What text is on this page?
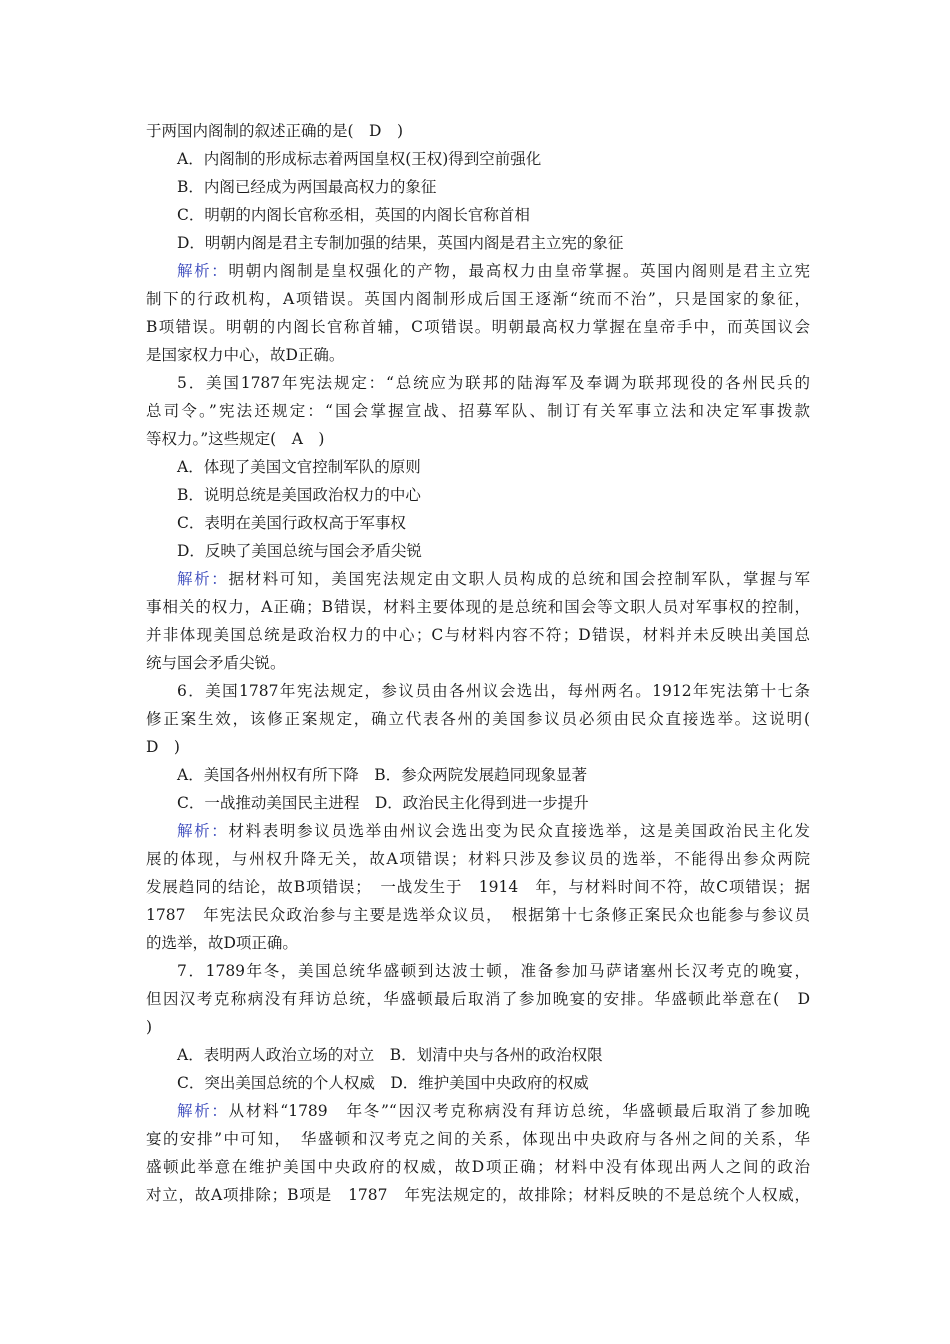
于两国内阁制的叙述正确的是(　D　)
A．内阁制的形成标志着两国皇权(王权)得到空前强化
B．内阁已经成为两国最高权力的象征
C．明朝的内阁长官称丞相，英国的内阁长官称首相
D．明朝内阁是君主专制加强的结果，英国内阁是君主立宪的象征
解析：明朝内阁制是皇权强化的产物，最高权力由皇帝掌握。英国内阁则是君主立宪
制下的行政机构，A项错误。英国内阁制形成后国王逐渐“统而不治”，只是国家的象征，
B项错误。明朝的内阁长官称首辅，C项错误。明朝最高权力掌握在皇帝手中，而英国议会
是国家权力中心，故D正确。
5．美国1787年宪法规定：“总统应为联邦的陆海军及奉调为联邦现役的各州民兵的
总司令。”宪法还规定：“国会掌握宣战、招募军队、制订有关军事立法和决定军事拨款
等权力。”这些规定(　A　)
A．体现了美国文官控制军队的原则
B．说明总统是美国政治权力的中心
C．表明在美国行政权高于军事权
D．反映了美国总统与国会矛盾尖锐
解析：据材料可知，美国宪法规定由文职人员构成的总统和国会控制军队，掌握与军
事相关的权力，A正确；B错误，材料主要体现的是总统和国会等文职人员对军事权的控制，
并非体现美国总统是政治权力的中心；C与材料内容不符；D错误，材料并未反映出美国总
统与国会矛盾尖锐。
6．美国1787年宪法规定，参议员由各州议会选出，每州两名。1912年宪法第十七条
修正案生效，该修正案规定，确立代表各州的美国参议员必须由民众直接选举。这说明(
D　)
A．美国各州州权有所下降　B．参众两院发展趋同现象显著
C．一战推动美国民主进程　D．政治民主化得到进一步提升
解析：材料表明参议员选举由州议会选出变为民众直接选举，这是美国政治民主化发
展的体现，与州权升降无关，故A项错误；材料只涉及参议员的选举，不能得出参众两院
发展趋同的结论，故B项错误；　一战发生于　1914　年，与材料时间不符，故C项错误；据
1787　年宪法民众政治参与主要是选举众议员，　根据第十七条修正案民众也能参与参议员
的选举，故D项正确。
7．1789年冬，美国总统华盛顿到达波士顿，准备参加马萨诸塞州长汉考克的晚宴，
但因汉考克称病没有拜访总统，华盛顿最后取消了参加晚宴的安排。华盛顿此举意在(　D
)
A．表明两人政治立场的对立　B．划清中央与各州的政治权限
C．突出美国总统的个人权威　D．维护美国中央政府的权威
解析：从材料“1789　年冬”“因汉考克称病没有拜访总统，华盛顿最后取消了参加晚
宴的安排”中可知，　华盛顿和汉考克之间的关系，体现出中央政府与各州之间的关系，华
盛顿此举意在维护美国中央政府的权威，故D项正确；材料中没有体现出两人之间的政治
对立，故A项排除；B项是　1787　年宪法规定的，故排除；材料反映的不是总统个人权威，
